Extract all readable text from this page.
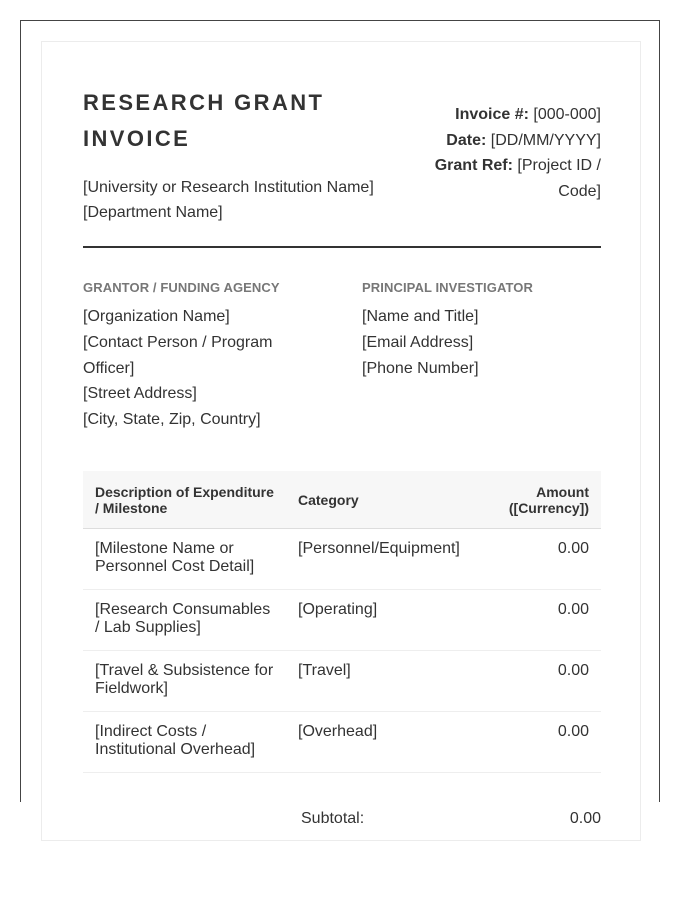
RESEARCH GRANT INVOICE
[University or Research Institution Name]
[Department Name]
Invoice #: [000-000]
Date: [DD/MM/YYYY]
Grant Ref: [Project ID / Code]
GRANTOR / FUNDING AGENCY
[Organization Name]
[Contact Person / Program Officer]
[Street Address]
[City, State, Zip, Country]
PRINCIPAL INVESTIGATOR
[Name and Title]
[Email Address]
[Phone Number]
Description of Expenditure / Milestone	Category	Amount ([Currency])
[Milestone Name or Personnel Cost Detail]	[Personnel/Equipment]	0.00
[Research Consumables / Lab Supplies]	[Operating]	0.00
[Travel & Subsistence for Fieldwork]	[Travel]	0.00
[Indirect Costs / Institutional Overhead]	[Overhead]	0.00
Subtotal:	0.00
